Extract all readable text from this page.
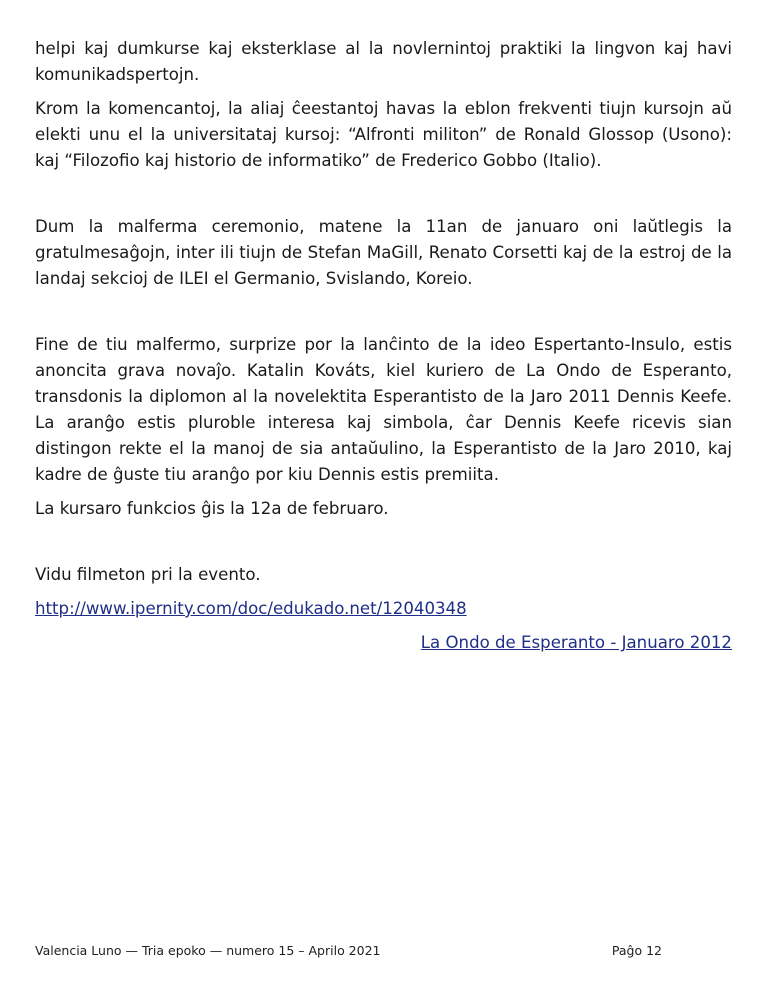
helpi kaj dumkurse kaj eksterklase al la novlernintoj praktiki la lingvon kaj havi komunikadspertojn.

Krom la komencantoj, la aliaj ĉeestantoj havas la eblon frekventi tiujn kursojn aŭ elekti unu el la universitataj kursoj: “Alfronti militon” de Ronald Glossop (Usono): kaj “Filozofio kaj historio de informatiko” de Frederico Gobbo (Italio).

Dum la malferma ceremonio, matene la 11an de januaro oni laŭtlegis la gratulmesaĝojn, inter ili tiujn de Stefan MaGill, Renato Corsetti kaj de la estroj de la landaj sekcioj de ILEI el Germanio, Svislando, Koreio.

Fine de tiu malfermo, surprize por la lanĉinto de la ideo Espertanto-Insulo, estis anoncita grava novaĵo. Katalin Kováts, kiel kuriero de La Ondo de Esperanto, transdonis la diplomon al la novelektita Esperantisto de la Jaro 2011 Dennis Keefe. La aranĝo estis pluroble interesa kaj simbola, ĉar Dennis Keefe ricevis sian distingon rekte el la manoj de sia antaŭulino, la Esperantisto de la Jaro 2010, kaj kadre de ĝuste tiu aranĝo por kiu Dennis estis premiita.

La kursaro funkcios ĝis la 12a de februaro.

Vidu filmeton pri la evento.

http://www.ipernity.com/doc/edukado.net/12040348

La Ondo de Esperanto - Januaro 2012

Valencia Luno — Tria epoko — numero 15 – Aprilo 2021	Paĝo 12
